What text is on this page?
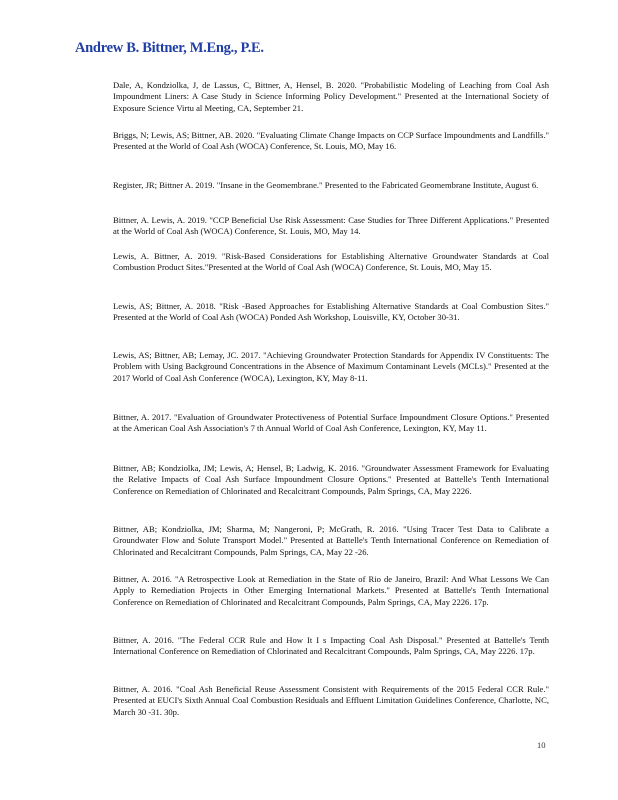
Andrew B. Bittner, M.Eng., P.E.

Dale, A, Kondziolka, J, de Lassus, C, Bittner, A, Hensel, B. 2020. "Probabilistic Modeling of Leaching from Coal Ash Impoundment Liners: A Case Study in Science Informing Policy Development." Presented at the International Society of Exposure Science Virtu al Meeting, CA, September 21.

Briggs, N; Lewis, AS; Bittner, AB. 2020. "Evaluating Climate Change Impacts on CCP Surface Impoundments and Landfills." Presented at the World of Coal Ash (WOCA) Conference, St. Louis, MO, May 16.

Register, JR; Bittner A. 2019. "Insane in the Geomembrane." Presented to the Fabricated Geomembrane Institute, August 6.

Bittner, A. Lewis, A. 2019. "CCP Beneficial Use Risk Assessment: Case Studies for Three Different Applications." Presented at the World of Coal Ash (WOCA) Conference, St. Louis, MO, May 14.

Lewis, A. Bittner, A. 2019. "Risk-Based Considerations for Establishing Alternative Groundwater Standards at Coal Combustion Product Sites."Presented at the World of Coal Ash (WOCA) Conference, St. Louis, MO, May 15.

Lewis, AS; Bittner, A. 2018. "Risk -Based Approaches for Establishing Alternative Standards at Coal Combustion Sites." Presented at the World of Coal Ash (WOCA) Ponded Ash Workshop, Louisville, KY, October 30-31.

Lewis, AS; Bittner, AB; Lemay, JC. 2017. "Achieving Groundwater Protection Standards for Appendix IV Constituents: The Problem with Using Background Concentrations in the Absence of Maximum Contaminant Levels (MCLs)." Presented at the 2017 World of Coal Ash Conference (WOCA), Lexington, KY, May 8-11.

Bittner, A. 2017. "Evaluation of Groundwater Protectiveness of Potential Surface Impoundment Closure Options." Presented at the American Coal Ash Association's 7 th Annual World of Coal Ash Conference, Lexington, KY, May 11.

Bittner, AB; Kondziolka, JM; Lewis, A; Hensel, B; Ladwig, K. 2016. "Groundwater Assessment Framework for Evaluating the Relative Impacts of Coal Ash Surface Impoundment Closure Options." Presented at Battelle's Tenth International Conference on Remediation of Chlorinated and Recalcitrant Compounds, Palm Springs, CA, May 2226.

Bittner, AB; Kondziolka, JM; Sharma, M; Nangeroni, P; McGrath, R. 2016. "Using Tracer Test Data to Calibrate a Groundwater Flow and Solute Transport Model." Presented at Battelle's Tenth International Conference on Remediation of Chlorinated and Recalcitrant Compounds, Palm Springs, CA, May 22 -26.

Bittner, A. 2016. "A Retrospective Look at Remediation in the State of Rio de Janeiro, Brazil: And What Lessons We Can Apply to Remediation Projects in Other Emerging International Markets." Presented at Battelle's Tenth International Conference on Remediation of Chlorinated and Recalcitrant Compounds, Palm Springs, CA, May 2226. 17p.

Bittner, A. 2016. "The Federal CCR Rule and How It I s Impacting Coal Ash Disposal." Presented at Battelle's Tenth International Conference on Remediation of Chlorinated and Recalcitrant Compounds, Palm Springs, CA, May 2226. 17p.

Bittner, A. 2016. "Coal Ash Beneficial Reuse Assessment Consistent with Requirements of the 2015 Federal CCR Rule." Presented at EUCI's Sixth Annual Coal Combustion Residuals and Effluent Limitation Guidelines Conference, Charlotte, NC, March 30 -31. 30p.

10
